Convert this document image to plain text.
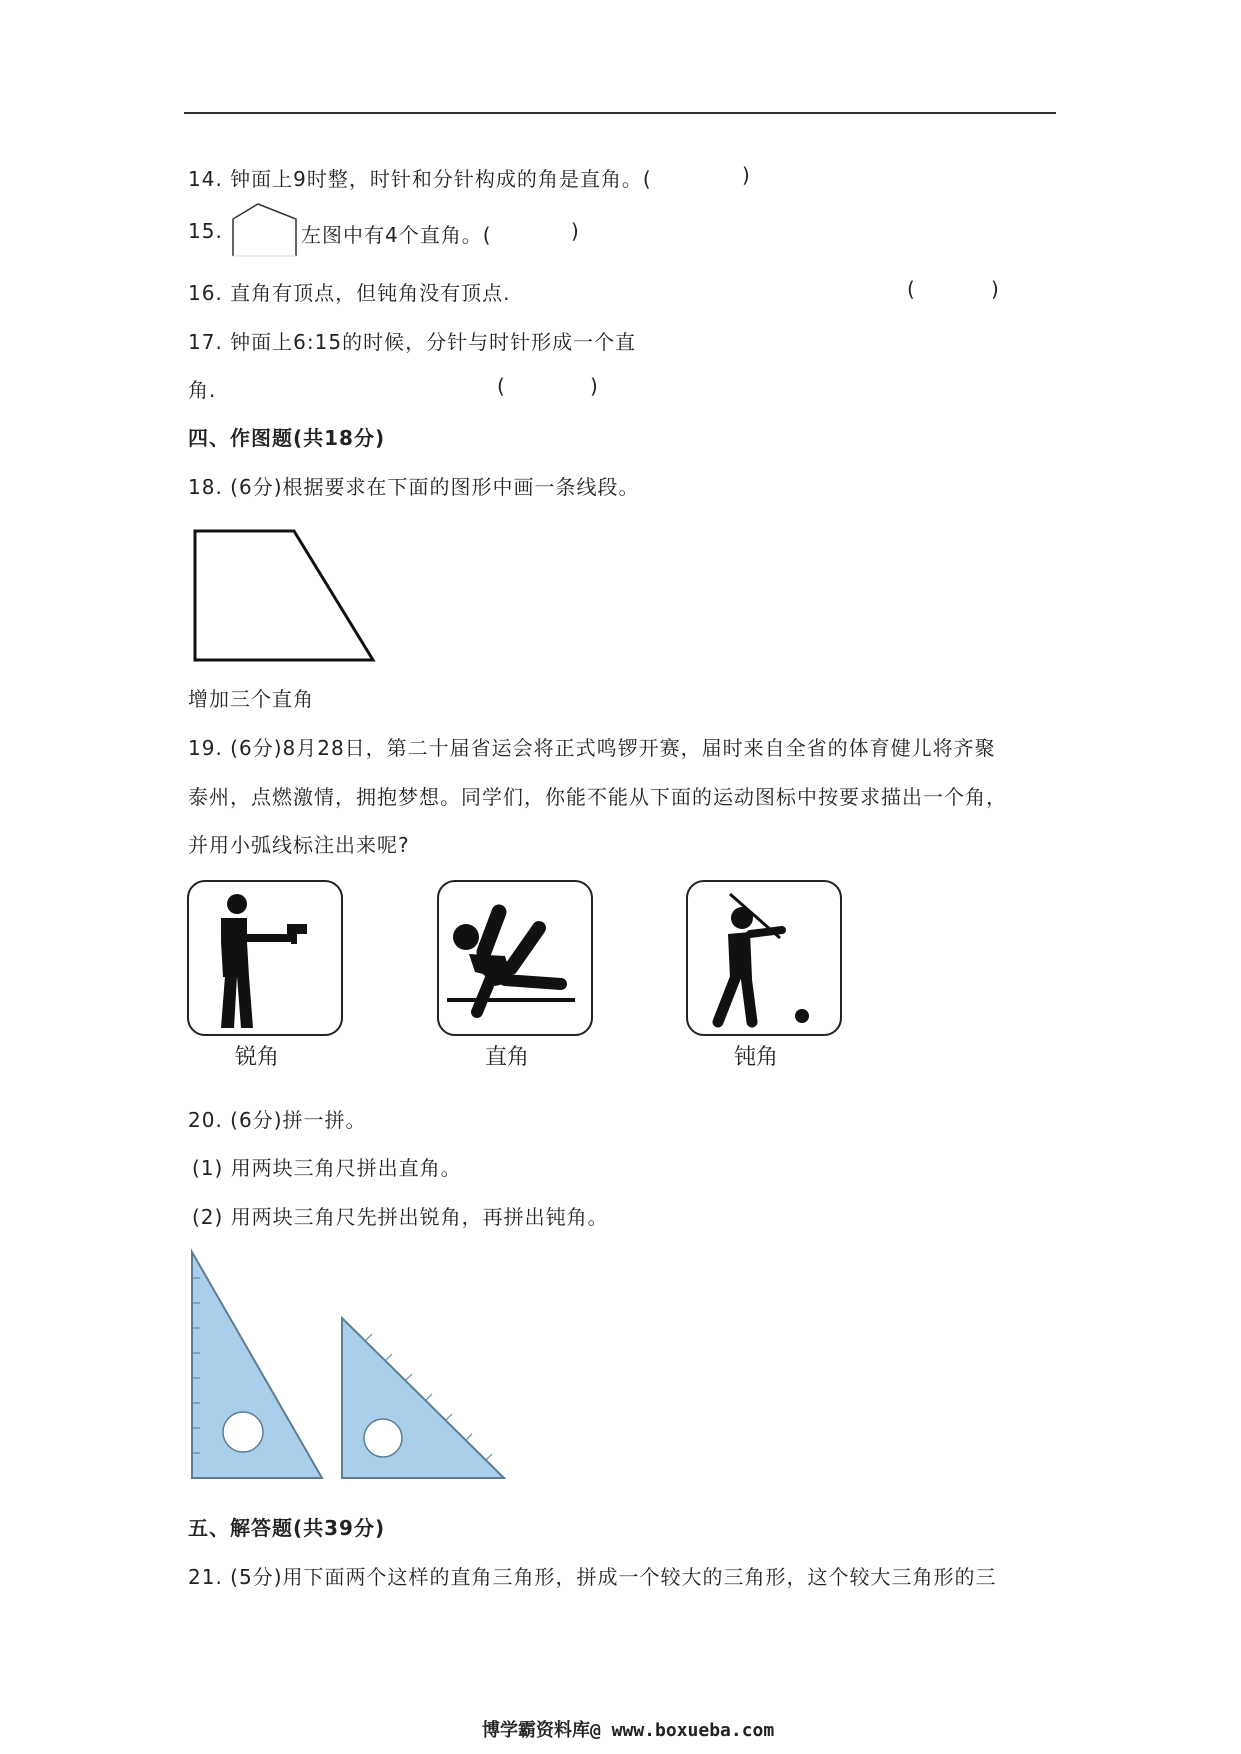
14. 钟面上9时整，时针和分针构成的角是直角。(	)
15.	左图中有4个直角。(	)
16. 直角有顶点，但钝角没有顶点.	(	)
17. 钟面上6:15的时候，分针与时针形成一个直
角.	(	)
四、作图题(共18分)
18. (6分)根据要求在下面的图形中画一条线段。
增加三个直角
19. (6分)8月28日，第二十届省运会将正式鸣锣开赛，届时来自全省的体育健儿将齐聚
泰州，点燃激情，拥抱梦想。同学们，你能不能从下面的运动图标中按要求描出一个角，
并用小弧线标注出来呢?
锐角	直角	钝角
20. (6分)拼一拼。
(1) 用两块三角尺拼出直角。
(2) 用两块三角尺先拼出锐角，再拼出钝角。
五、解答题(共39分)
21. (5分)用下面两个这样的直角三角形，拼成一个较大的三角形，这个较大三角形的三
博学霸资料库@ www.boxueba.com
